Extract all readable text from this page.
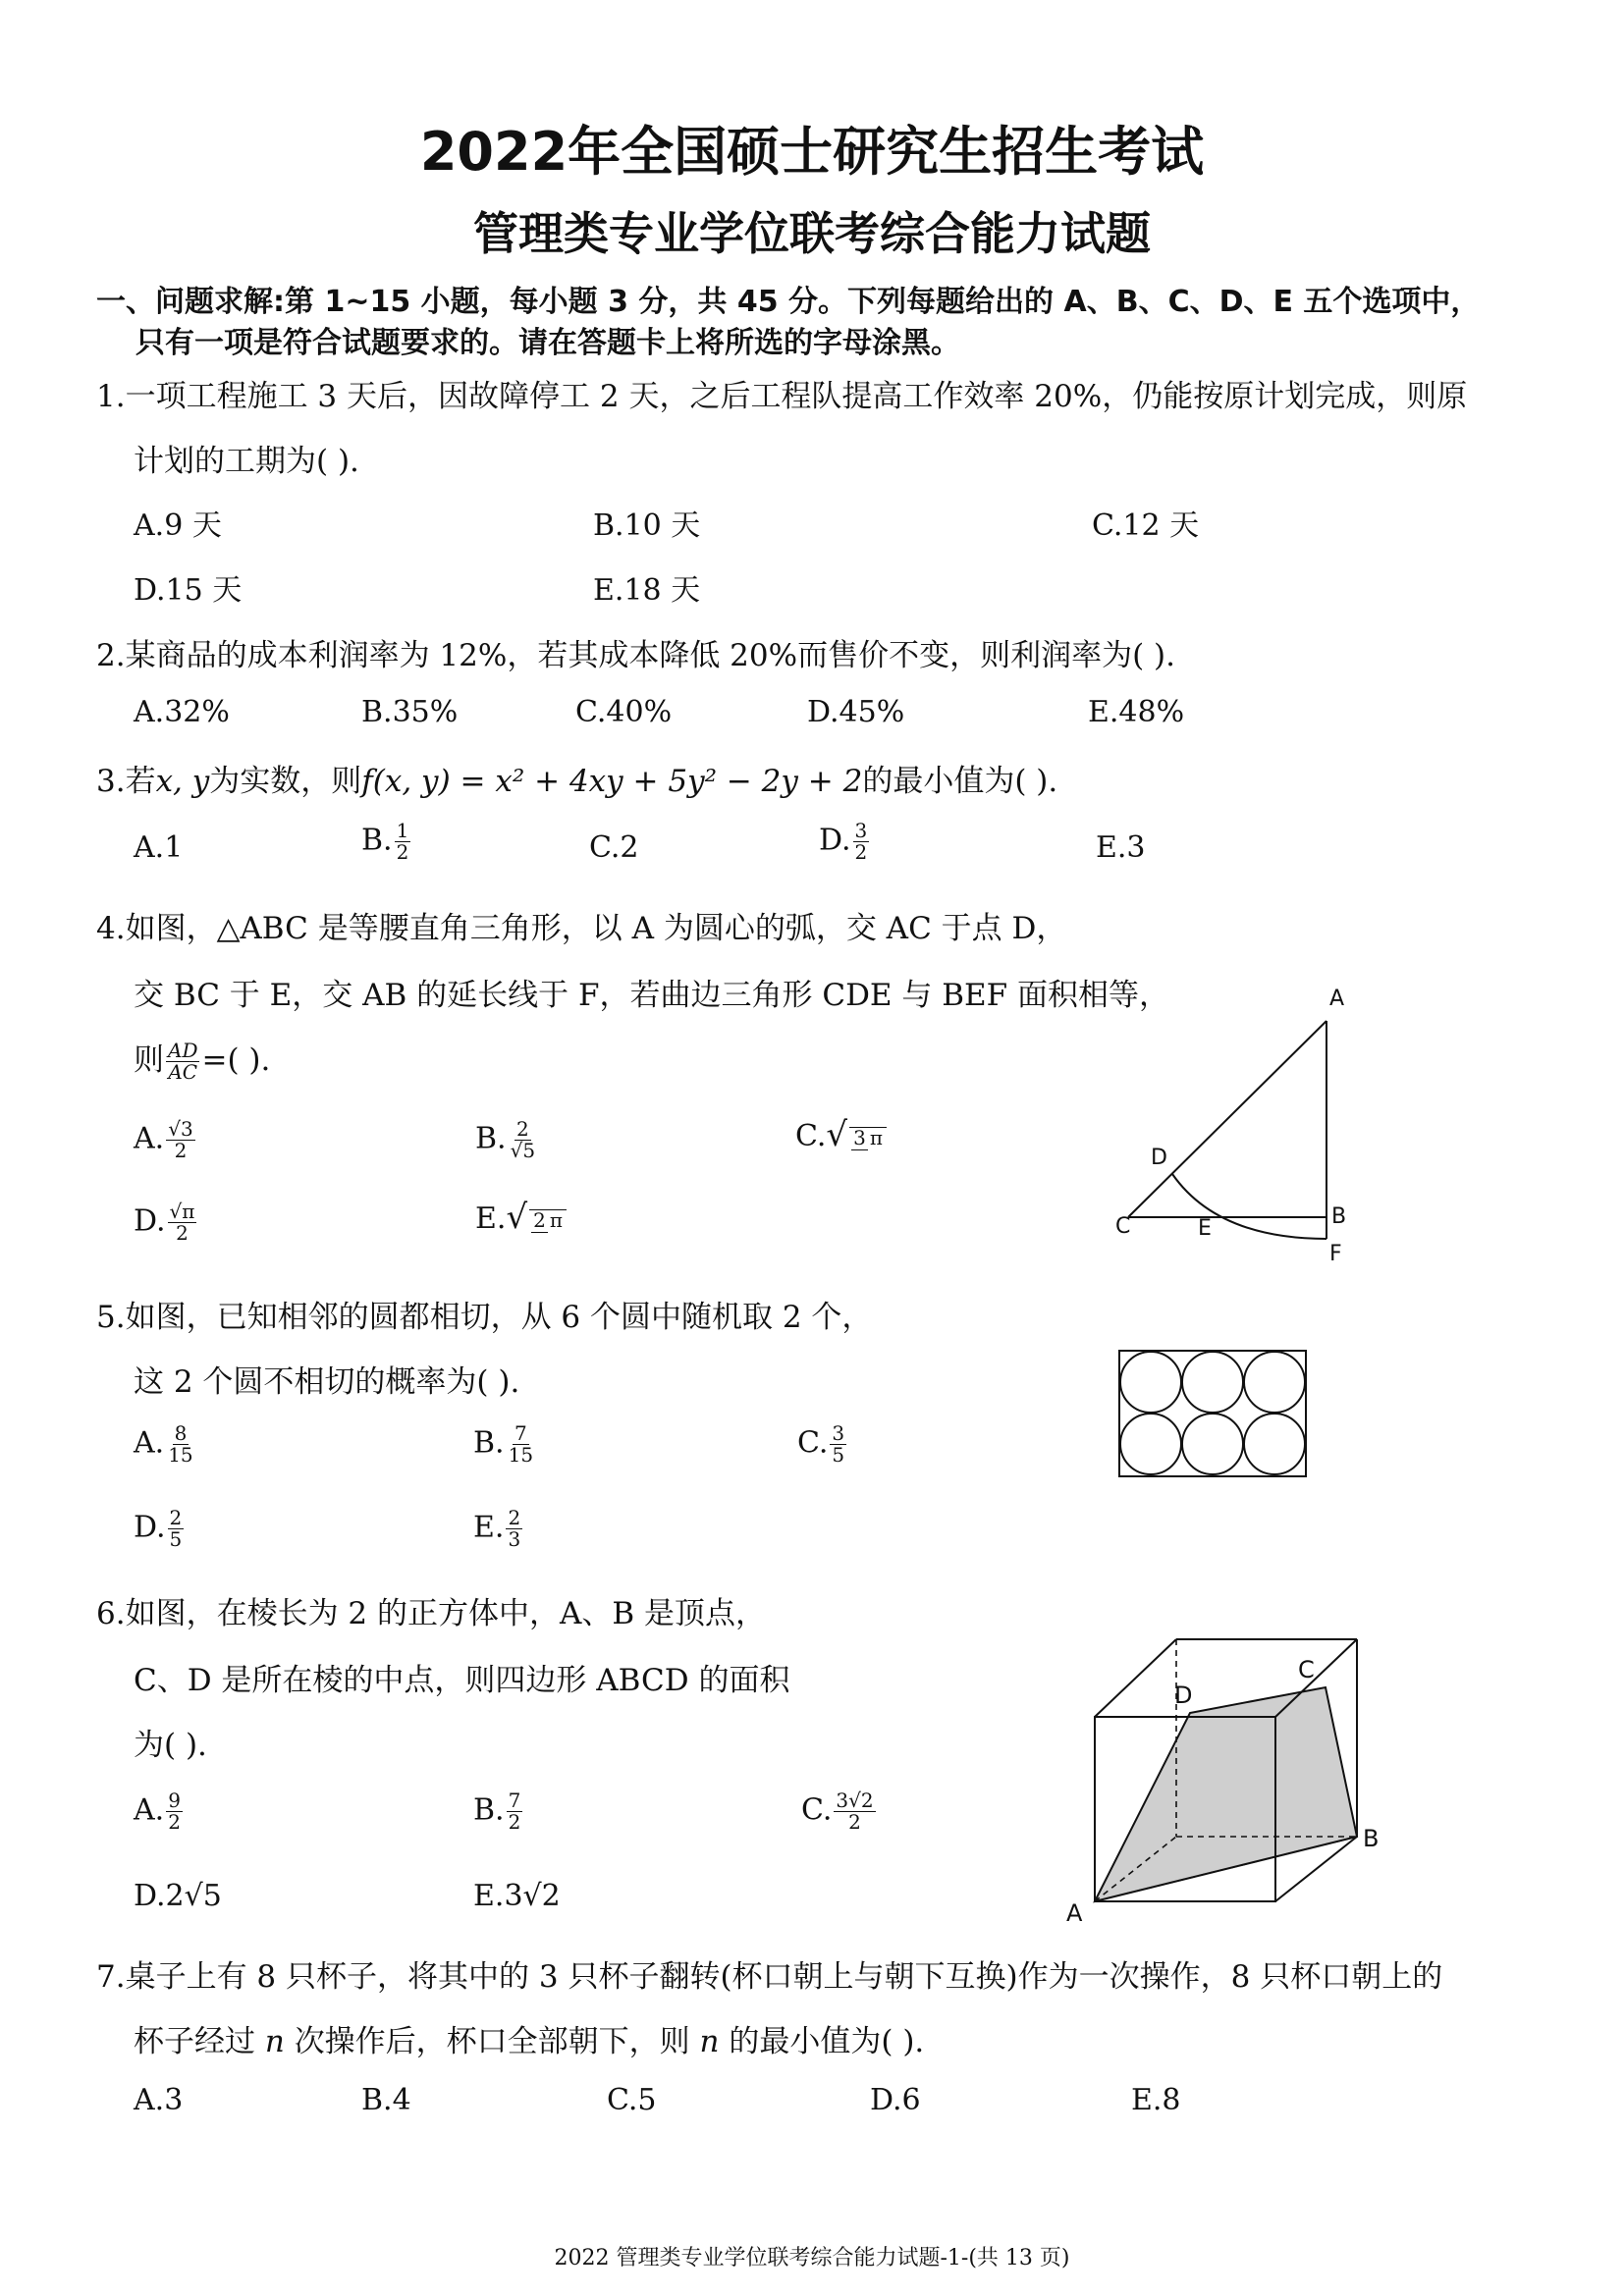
2022年全国硕士研究生招生考试
管理类专业学位联考综合能力试题
一、问题求解:第 1~15 小题，每小题 3 分，共 45 分。下列每题给出的 A、B、C、D、E 五个选项中，
只有一项是符合试题要求的。请在答题卡上将所选的字母涂黑。
1.一项工程施工 3 天后，因故障停工 2 天，之后工程队提高工作效率 20%，仍能按原计划完成，则原
计划的工期为( ).
A.9 天	B.10 天	C.12 天
D.15 天	E.18 天
2.某商品的成本利润率为 12%，若其成本降低 20%而售价不变，则利润率为( ).
A.32%	B.35%	C.40%	D.45%	E.48%
3.若x, y为实数，则f(x, y) = x² + 4xy + 5y² − 2y + 2的最小值为( ).
A.1	B. $\frac{1}{2}$	C.2	D. $\frac{3}{2}$	E.3
4.如图，△ABC 是等腰直角三角形，以 A 为圆心的弧，交 AC 于点 D，
交 BC 于 E，交 AB 的延长线于 F，若曲边三角形 CDE 与 BEF 面积相等，
则 $\frac{AD}{AC}$ =( ).
A. $\frac{√3}{2}$	B. $\frac{2}{√5}$	C.√ 3 π
D. $\frac{√\pi}{2}$	E.√ 2 π
A
B
C
D
E
F
5.如图，已知相邻的圆都相切，从 6 个圆中随机取 2 个，
这 2 个圆不相切的概率为( ).
A. $\frac{8}{15}$	B. $\frac{7}{15}$	C. $\frac{3}{5}$
D. $\frac{2}{5}$	E. $\frac{2}{3}$
6.如图，在棱长为 2 的正方体中，A、B 是顶点，
C、D 是所在棱的中点，则四边形 ABCD 的面积
为( ).
A. $\frac{9}{2}$	B. $\frac{7}{2}$	C. $\frac{3√2}{2}$
D.2√5	E.3√2	A
B
C
D
7.桌子上有 8 只杯子，将其中的 3 只杯子翻转(杯口朝上与朝下互换)作为一次操作，8 只杯口朝上的
杯子经过 n 次操作后，杯口全部朝下，则 n 的最小值为( ).
A.3	B.4	C.5	D.6	E.8
2022 管理类专业学位联考综合能力试题-1-(共 13 页)
